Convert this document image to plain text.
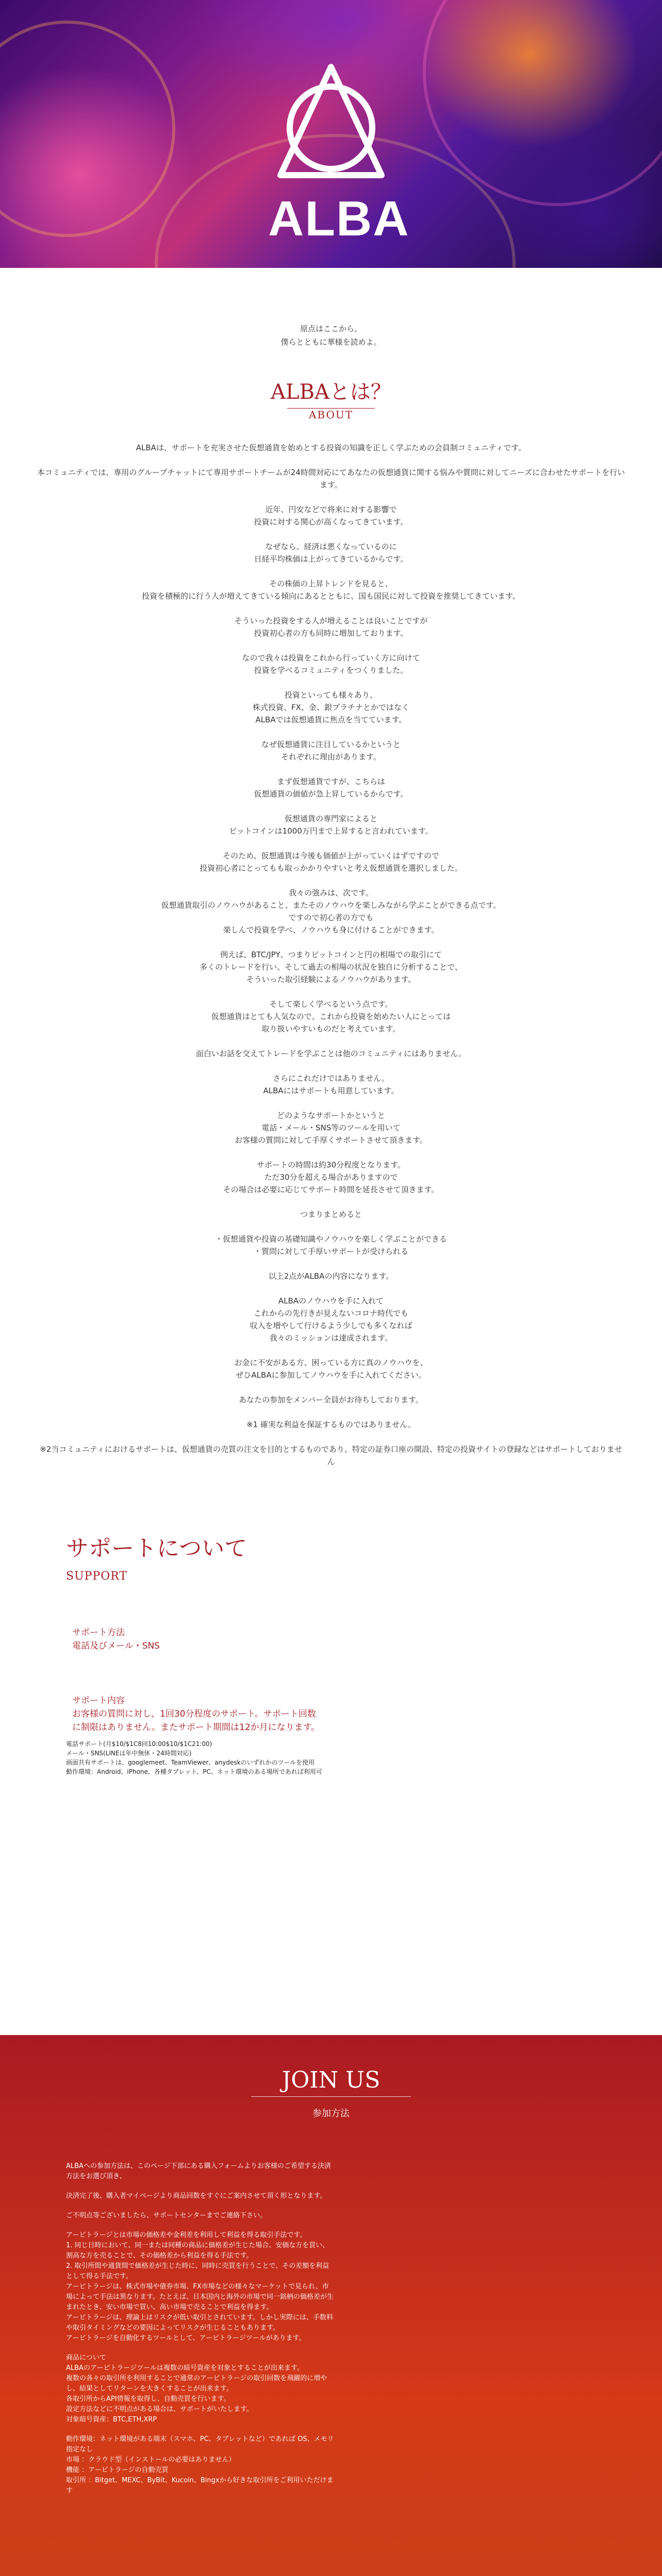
ALBA

原点はここから。

僕らとともに華様を読めよ。

ALBAとは？
ABOUT

ALBAは、サポートを充実させた仮想通貨を始めとする投資の知識を正しく学ぶための会員制コミュニティです。

本コミュニティでは、専用のグループチャットにて専用サポートチームが24時間対応にてあなたの仮想通貨に関する悩みや質問に対してニーズに合わせたサポートを行います。

近年、円安などで将来に対する影響で
投資に対する関心が高くなってきています。

なぜなら、経済は悪くなっているのに
日経平均株価は上がってきているからです。

その株価の上昇トレンドを見ると、
投資を積極的に行う人が増えてきている傾向にあるとともに、国も国民に対して投資を推奨してきています。

そういった投資をする人が増えることは良いことですが
投資初心者の方も同時に増加しております。

なので我々は投資をこれから行っていく方に向けて
投資を学べるコミュニティをつくりました。

投資といっても様々あり、
株式投資、FX、金、銀プラチナとかではなく
ALBAでは仮想通貨に焦点を当てています。

なぜ仮想通貨に注目しているかというと
それぞれに理由があります。

まず仮想通貨ですが、こちらは
仮想通貨の価値が急上昇しているからです。

仮想通貨の専門家によると
ビットコインは1000万円まで上昇すると言われています。

そのため、仮想通貨は今後も価値が上がっていくはずですので
投資初心者にとってもも取っかかりやすいと考え仮想通貨を選択しました。

我々の強みは、次です。
仮想通貨取引のノウハウがあること、またそのノウハウを楽しみながら学ぶことができる点です。
ですので初心者の方でも
楽しんで投資を学べ、ノウハウも身に付けることができます。

例えば、BTC/JPY、つまりビットコインと円の相場での取引にて
多くのトレードを行い、そして過去の相場の状況を独自に分析することで、
そういった取引経験によるノウハウがあります。

そして楽しく学べるという点です。
仮想通貨はとても人気なので、これから投資を始めたい人にとっては
取り扱いやすいものだと考えています。

面白いお話を交えてトレードを学ぶことは他のコミュニティにはありません。

さらにこれだけではありません。
ALBAにはサポートも用意しています。

どのようなサポートかというと
電話・メール・SNS等のツールを用いて
お客様の質問に対して手厚くサポートさせて頂きます。

サポートの時間は約30分程度となります。
ただ30分を超える場合がありますので
その場合は必要に応じてサポート時間を延長させて頂きます。

つまりまとめると

・仮想通貨や投資の基礎知識やノウハウを楽しく学ぶことができる
・質問に対して手厚いサポートが受けられる

以上2点がALBAの内容になります。

ALBAのノウハウを手に入れて
これからの先行きが見えないコロナ時代でも
収入を増やして行けるよう少しでも多くなれば
我々のミッションは達成されます。

お金に不安がある方、困っている方に真のノウハウを、
ぜひALBAに参加してノウハウを手に入れてください。

あなたの参加をメンバー全員がお待ちしております。

※1 確実な利益を保証するものではありません。

※2当コミュニティにおけるサポートは、仮想通貨の売買の注文を目的とするものであり、特定の証券口座の開設、特定の投資サイトの登録などはサポートしておりません

サポートについて
SUPPORT
サポート方法
電話及びメール・SNS
サポート内容
お客様の質問に対し、1回30分程度のサポート。サポート回数に制限はありません。またサポート期間は12か月になります。
電話サポート(月$10/$1C8回10:00$10/$1C21:00)
メール・SNS(LINEは年中無休・24時間対応)
画面共有サポートは、googlemeet、TeamViewer、anydeskのいずれかのツールを使用
動作環境：Android、iPhone、各種タブレット、PC、ネット環境のある場所であれば利用可
JOIN US
参加方法

ALBAへの参加方法は、このページ下部にある購入フォームよりお客様のご希望する決済方法をお選び頂き、

決済完了後、購入者マイページより商品回数をすぐにご案内させて頂く形となります。

ご不明点等ございましたら、サポートセンターまでご連絡下さい。

アービトラージとは市場の価格差や金利差を利用して利益を得る取引手法です。
1. 同じ日時において、同一または同種の商品に価格差が生じた場合、安価な方を買い、割高な方を売ることで、その価格差から利益を得る手法です。
2. 取引所間や通貨間で価格差が生じた時に、同時に売買を行うことで、その差額を利益として得る手法です。
アービトラージは、株式市場や債券市場、FX市場などの様々なマーケットで見られ、市場によって手法は異なります。たとえば、日本国内と海外の市場で同一銘柄の価格差が生まれたとき、安い市場で買い、高い市場で売ることで利益を得ます。
アービトラージは、理論上はリスクが低い取引とされています。しかし実際には、手数料や取引タイミングなどの要因によってリスクが生じることもあります。
アービトラージを自動化するツールとして、アービトラージツールがあります。

商品について
ALBAのアービトラージツールは複数の暗号資産を対象とすることが出来ます。
複数の各々の取引所を利用することで通常のアービトラージの取引回数を飛躍的に増やし、結果としてリターンを大きくすることが出来ます。
各取引所からAPI情報を取得し、自動売買を行います。
設定方法などに不明点がある場合は、サポートがいたします。
対象暗号資産：BTC,ETH,XRP

動作環境：ネット環境がある端末（スマホ、PC、タブレットなど）であれば OS、メモリ指定なし
市場 ：クラウド型（インストールの必要はありません）
機能 ：アービトラージの自動売買
取引所 ：Bitget、MEXC、ByBit、Kucoin、Bingxから好きな取引所をご利用いただけます
